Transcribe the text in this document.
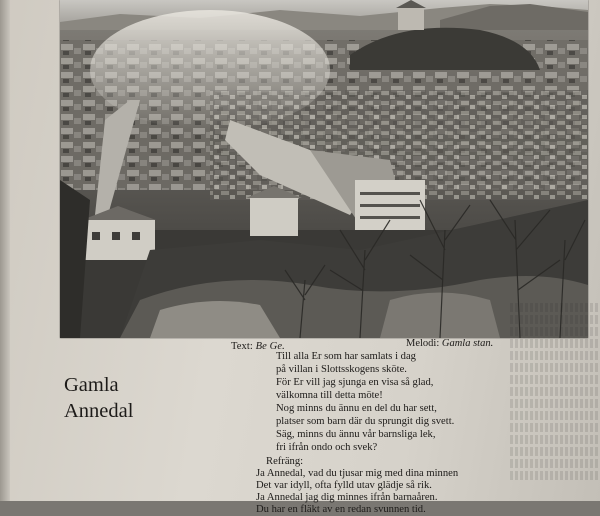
Text: Be Ge.	Melodi: Gamla stan.
Gamla
Annedal
Till alla Er som har samlats i dag
på villan i Slottsskogens sköte.
För Er vill jag sjunga en visa så glad,
välkomna till detta möte!
Nog minns du ännu en del du har sett,
platser som barn där du sprungit dig svett.
Säg, minns du ännu vår barnsliga lek,
fri ifrån ondo och svek?
Refräng:
Ja Annedal, vad du tjusar mig med dina minnen
Det var idyll, ofta fylld utav glädje så rik.
Ja Annedal jag dig minnes ifrån barnaåren.
Du har en fläkt av en redan svunnen tid.
